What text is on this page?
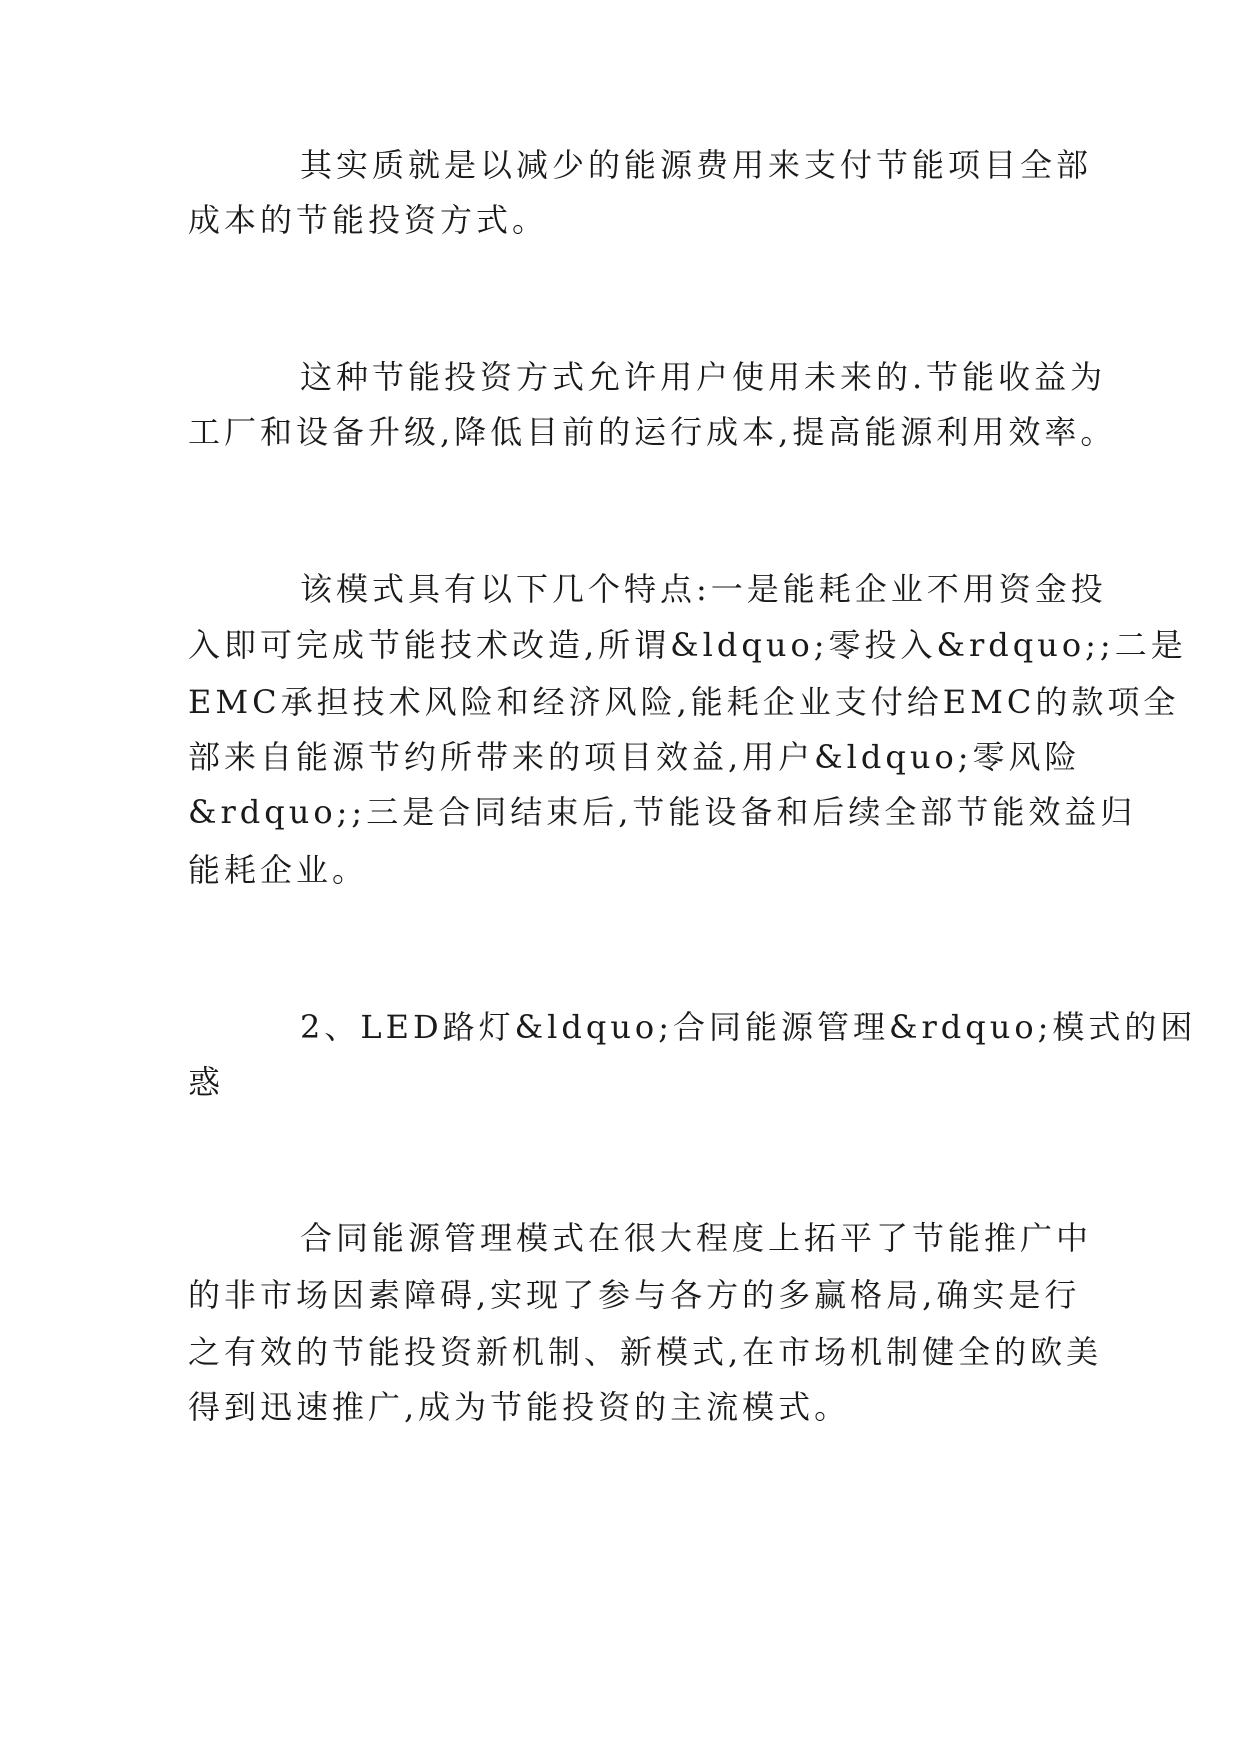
其实质就是以减少的能源费用来支付节能项目全部
成本的节能投资方式。
这种节能投资方式允许用户使用未来的.节能收益为
工厂和设备升级,降低目前的运行成本,提高能源利用效率。
该模式具有以下几个特点:一是能耗企业不用资金投
入即可完成节能技术改造,所谓&ldquo;零投入&rdquo;;二是
EMC承担技术风险和经济风险,能耗企业支付给EMC的款项全
部来自能源节约所带来的项目效益,用户&ldquo;零风险
&rdquo;;三是合同结束后,节能设备和后续全部节能效益归
能耗企业。
2、LED路灯&ldquo;合同能源管理&rdquo;模式的困
惑
合同能源管理模式在很大程度上拓平了节能推广中
的非市场因素障碍,实现了参与各方的多赢格局,确实是行
之有效的节能投资新机制、新模式,在市场机制健全的欧美
得到迅速推广,成为节能投资的主流模式。
